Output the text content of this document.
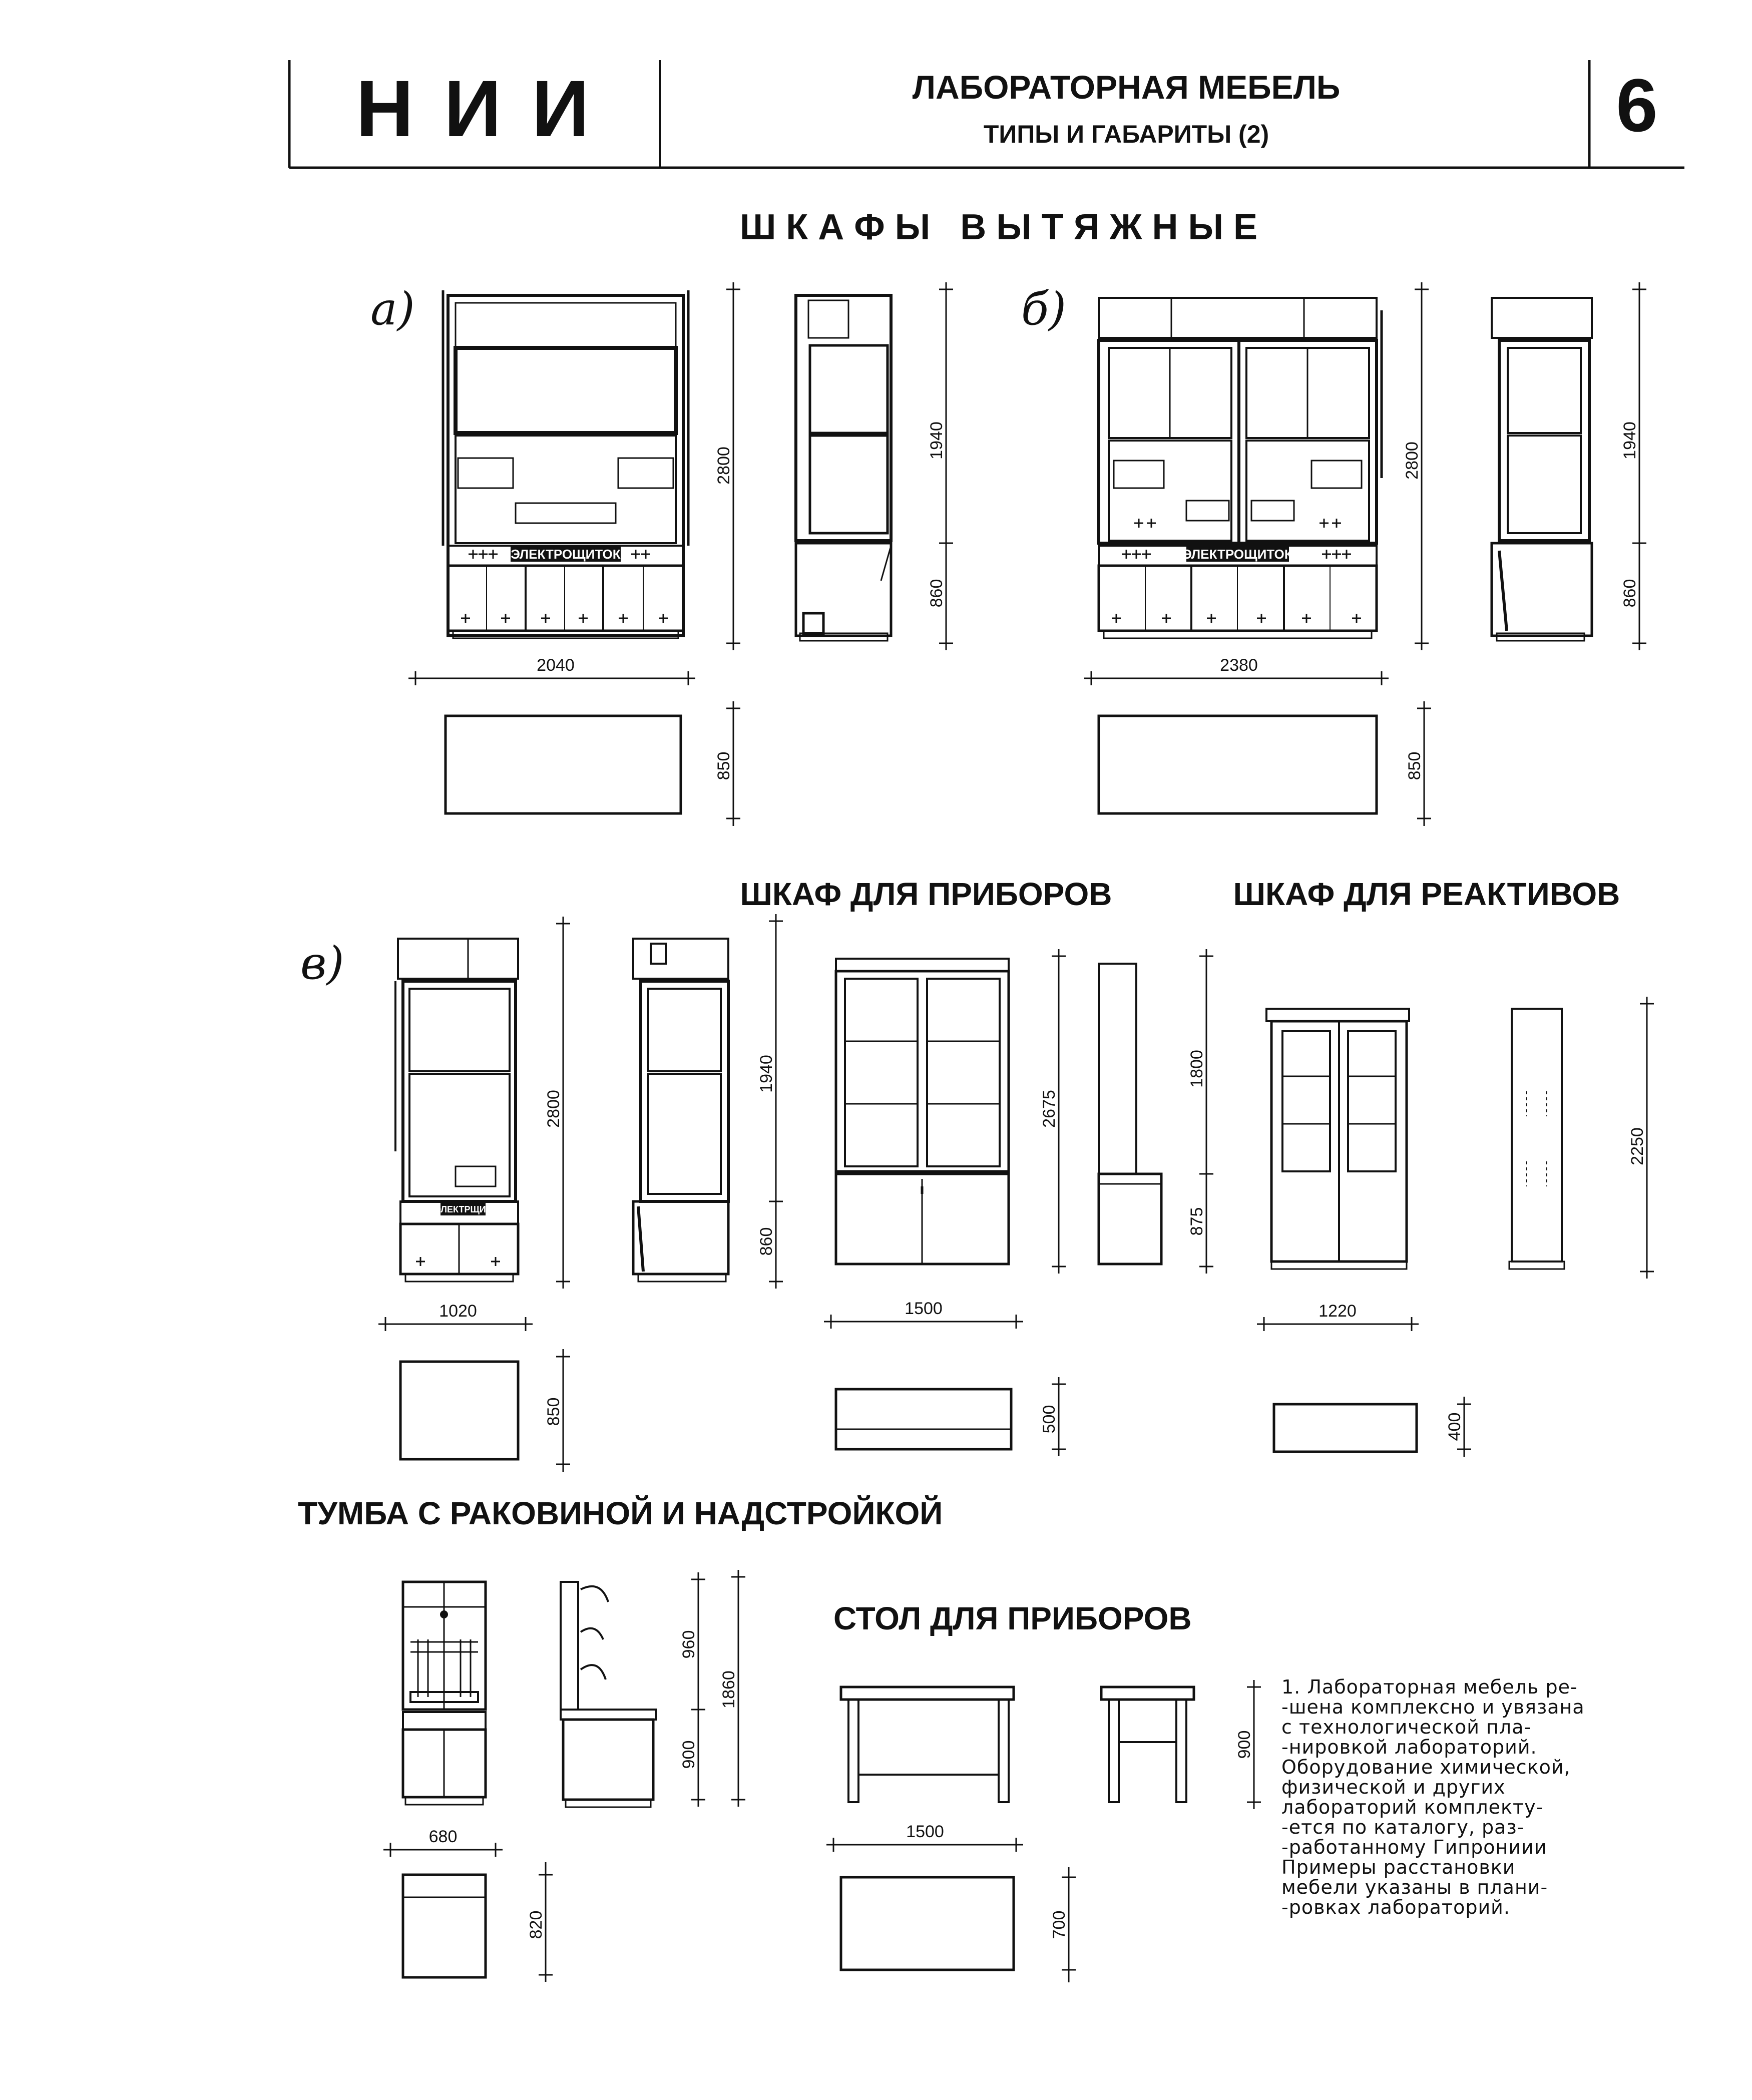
Н И И	ЛАБОРАТОРНАЯ МЕБЕЛЬ
ТИПЫ И ГАБАРИТЫ (2)	6
Ш К А Ф Ы   В Ы Т Я Ж Н Ы Е
а)
ЭЛЕКТРОЩИТОК
2800
1940
860
2040
850
б)
ЭЛЕКТРОЩИТОК
2800
1940
860
2380
850
ШКАФ ДЛЯ ПРИБОРОВ	ШКАФ ДЛЯ РЕАКТИВОВ
в)
ЭЛЕКТРЩИТ
2800
1940
860
1020
850
2675
1800
875
1500
500
2250
1220
400
ТУМБА С РАКОВИНОЙ И НАДСТРОЙКОЙ
960
900
1860
680
820
СТОЛ ДЛЯ ПРИБОРОВ
900
1500
700
1. Лабораторная мебель ре-
-шена комплексно и увязана
с технологической пла-
-нировкой лабораторий.
Оборудование химической,
физической и других
лабораторий комплекту-
-ется по каталогу, раз-
-работанному Гипрониии
Примеры расстановки
мебели указаны в плани-
-ровках лабораторий.
